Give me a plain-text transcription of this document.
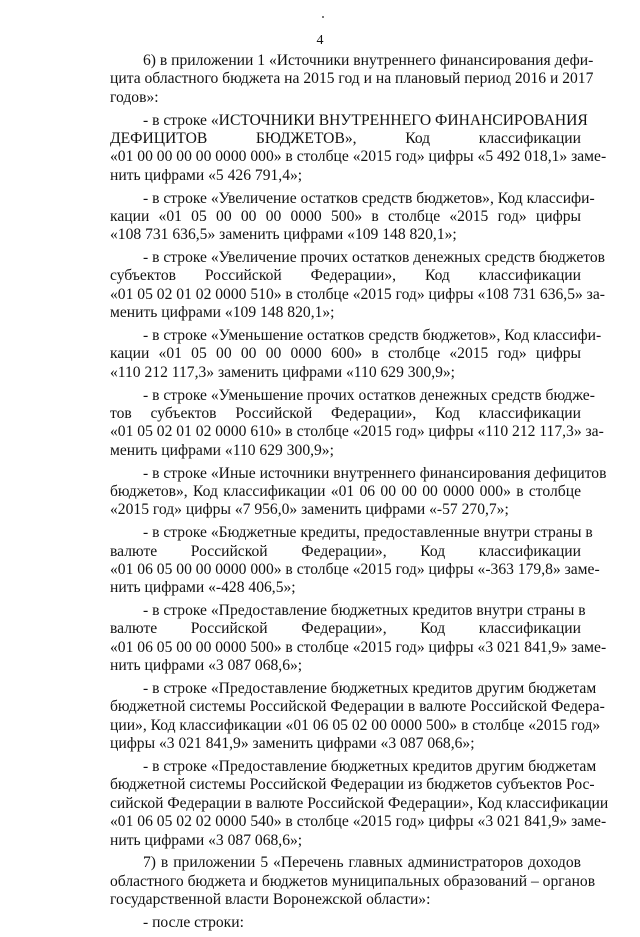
4
6) в приложении 1 «Источники внутреннего финансирования дефи-
цита областного бюджета на 2015 год и на плановый период 2016 и 2017
годов»:
- в строке «ИСТОЧНИКИ ВНУТРЕННЕГО ФИНАНСИРОВАНИЯ
ДЕФИЦИТОВ БЮДЖЕТОВ», Код классификации
«01 00 00 00 00 0000 000» в столбце «2015 год» цифры «5 492 018,1» заме-
нить цифрами «5 426 791,4»;
- в строке «Увеличение остатков средств бюджетов», Код классифи-
кации «01 05 00 00 00 0000 500» в столбце «2015 год» цифры
«108 731 636,5» заменить цифрами «109 148 820,1»;
- в строке «Увеличение прочих остатков денежных средств бюджетов
субъектов Российской Федерации», Код классификации
«01 05 02 01 02 0000 510» в столбце «2015 год» цифры «108 731 636,5» за-
менить цифрами «109 148 820,1»;
- в строке «Уменьшение остатков средств бюджетов», Код классифи-
кации «01 05 00 00 00 0000 600» в столбце «2015 год» цифры
«110 212 117,3» заменить цифрами «110 629 300,9»;
- в строке «Уменьшение прочих остатков денежных средств бюдже-
тов субъектов Российской Федерации», Код классификации
«01 05 02 01 02 0000 610» в столбце «2015 год» цифры «110 212 117,3» за-
менить цифрами «110 629 300,9»;
- в строке «Иные источники внутреннего финансирования дефицитов
бюджетов», Код классификации «01 06 00 00 00 0000 000» в столбце
«2015 год» цифры «7 956,0» заменить цифрами «-57 270,7»;
- в строке «Бюджетные кредиты, предоставленные внутри страны в
валюте Российской Федерации», Код классификации
«01 06 05 00 00 0000 000» в столбце «2015 год» цифры «-363 179,8» заме-
нить цифрами «-428 406,5»;
- в строке «Предоставление бюджетных кредитов внутри страны в
валюте Российской Федерации», Код классификации
«01 06 05 00 00 0000 500» в столбце «2015 год» цифры «3 021 841,9» заме-
нить цифрами «3 087 068,6»;
- в строке «Предоставление бюджетных кредитов другим бюджетам
бюджетной системы Российской Федерации в валюте Российской Федера-
ции», Код классификации «01 06 05 02 00 0000 500» в столбце «2015 год»
цифры «3 021 841,9» заменить цифрами «3 087 068,6»;
- в строке «Предоставление бюджетных кредитов другим бюджетам
бюджетной системы Российской Федерации из бюджетов субъектов Рос-
сийской Федерации в валюте Российской Федерации», Код классификации
«01 06 05 02 02 0000 540» в столбце «2015 год» цифры «3 021 841,9» заме-
нить цифрами «3 087 068,6»;
7) в приложении 5 «Перечень главных администраторов доходов
областного бюджета и бюджетов муниципальных образований – органов
государственной власти Воронежской области»:
- после строки:
